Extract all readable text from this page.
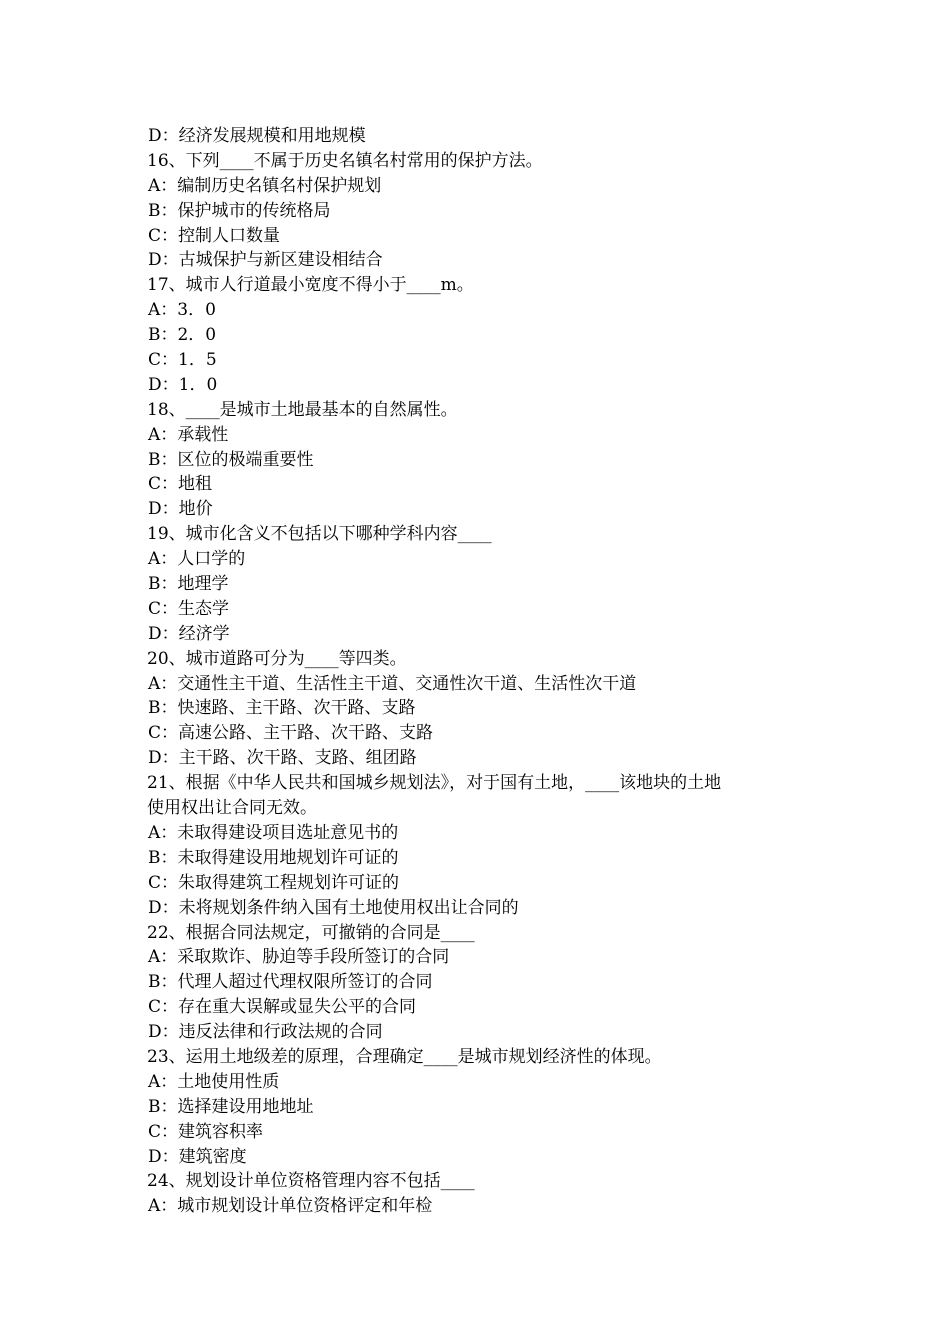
D：经济发展规模和用地规模

16、下列____不属于历史名镇名村常用的保护方法。

A：编制历史名镇名村保护规划

B：保护城市的传统格局

C：控制人口数量

D：古城保护与新区建设相结合

17、城市人行道最小宽度不得小于____m。

A：3．0

B：2．0

C：1．5

D：1．0

18、____是城市土地最基本的自然属性。

A：承载性

B：区位的极端重要性

C：地租

D：地价

19、城市化含义不包括以下哪种学科内容____

A：人口学的

B：地理学

C：生态学

D：经济学

20、城市道路可分为____等四类。

A：交通性主干道、生活性主干道、交通性次干道、生活性次干道

B：快速路、主干路、次干路、支路

C：高速公路、主干路、次干路、支路

D：主干路、次干路、支路、组团路

21、根据《中华人民共和国城乡规划法》，对于国有土地，____该地块的土地

使用权出让合同无效。

A：未取得建设项目选址意见书的

B：未取得建设用地规划许可证的

C：朱取得建筑工程规划许可证的

D：未将规划条件纳入国有土地使用权出让合同的

22、根据合同法规定，可撤销的合同是____

A：采取欺诈、胁迫等手段所签订的合同

B：代理人超过代理权限所签订的合同

C：存在重大误解或显失公平的合同

D：违反法律和行政法规的合同

23、运用土地级差的原理，合理确定____是城市规划经济性的体现。

A：土地使用性质

B：选择建设用地地址

C：建筑容积率

D：建筑密度

24、规划设计单位资格管理内容不包括____

A：城市规划设计单位资格评定和年检
